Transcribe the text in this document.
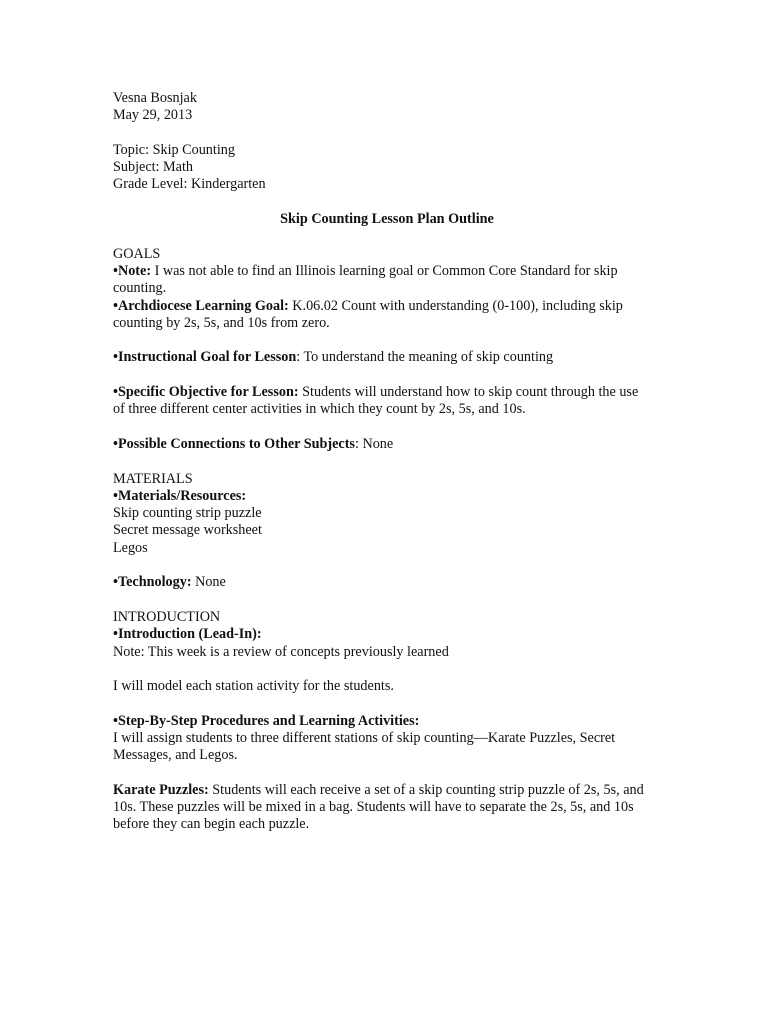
Vesna Bosnjak

May 29, 2013

Topic: Skip Counting

Subject: Math

Grade Level: Kindergarten

Skip Counting Lesson Plan Outline

GOALS

•Note: I was not able to find an Illinois learning goal or Common Core Standard for skip counting.

•Archdiocese Learning Goal: K.06.02 Count with understanding (0-100), including skip counting by 2s, 5s, and 10s from zero.

•Instructional Goal for Lesson: To understand the meaning of skip counting

•Specific Objective for Lesson: Students will understand how to skip count through the use of three different center activities in which they count by 2s, 5s, and 10s.

•Possible Connections to Other Subjects: None

MATERIALS

•Materials/Resources:

Skip counting strip puzzle

Secret message worksheet

Legos

•Technology: None

INTRODUCTION

•Introduction (Lead-In):

Note: This week is a review of concepts previously learned

I will model each station activity for the students.

•Step-By-Step Procedures and Learning Activities:

I will assign students to three different stations of skip counting—Karate Puzzles, Secret Messages, and Legos.

Karate Puzzles: Students will each receive a set of a skip counting strip puzzle of 2s, 5s, and 10s. These puzzles will be mixed in a bag. Students will have to separate the 2s, 5s, and 10s before they can begin each puzzle.
